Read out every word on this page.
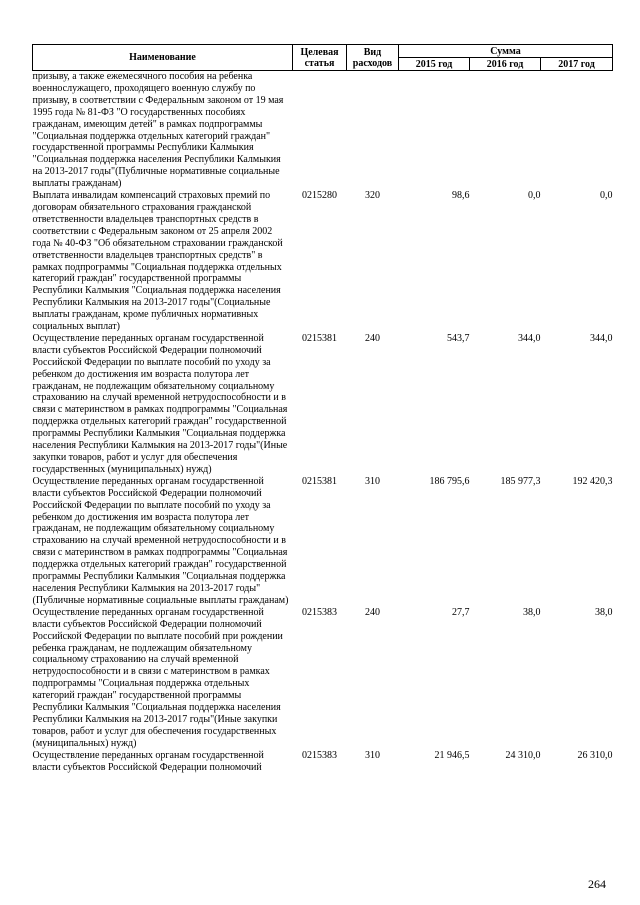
Наименование	Целевая статья	Вид расходов	Сумма		
			2015 год	2016 год	2017 год
призыву, а также ежемесячного пособия на ребенка военнослужащего, проходящего военную службу по призыву, в соответствии с Федеральным законом от 19 мая 1995 года № 81-ФЗ "О государственных пособиях гражданам, имеющим детей" в рамках подпрограммы "Социальная поддержка отдельных категорий граждан" государственной программы Республики Калмыкия "Социальная поддержка населения Республики Калмыкия на 2013-2017 годы"(Публичные нормативные социальные выплаты гражданам)					
Выплата инвалидам компенсаций страховых премий по договорам обязательного страхования гражданской ответственности владельцев транспортных средств в соответствии с Федеральным законом от 25 апреля 2002 года № 40-ФЗ "Об обязательном страховании гражданской ответственности владельцев транспортных средств" в рамках подпрограммы "Социальная поддержка отдельных категорий граждан" государственной программы Республики Калмыкия "Социальная поддержка населения Республики Калмыкия на 2013-2017 годы"(Социальные выплаты гражданам, кроме публичных нормативных социальных выплат)	0215280	320	98,6	0,0	0,0
Осуществление переданных органам государственной власти субъектов Российской Федерации полномочий Российской Федерации по выплате пособий по уходу за ребенком до достижения им возраста полутора лет гражданам, не подлежащим обязательному социальному страхованию на случай временной нетрудоспособности и в связи с материнством в рамках подпрограммы "Социальная поддержка отдельных категорий граждан" государственной программы Республики Калмыкия "Социальная поддержка населения Республики Калмыкия на 2013-2017 годы"(Иные закупки товаров, работ и услуг для обеспечения государственных (муниципальных) нужд)	0215381	240	543,7	344,0	344,0
Осуществление переданных органам государственной власти субъектов Российской Федерации полномочий Российской Федерации по выплате пособий по уходу за ребенком до достижения им возраста полутора лет гражданам, не подлежащим обязательному социальному страхованию на случай временной нетрудоспособности и в связи с материнством в рамках подпрограммы "Социальная поддержка отдельных категорий граждан" государственной программы Республики Калмыкия "Социальная поддержка населения Республики Калмыкия на 2013-2017 годы"(Публичные нормативные социальные выплаты гражданам)	0215381	310	186 795,6	185 977,3	192 420,3
Осуществление переданных органам государственной власти субъектов Российской Федерации полномочий Российской Федерации по выплате пособий при рождении ребенка гражданам, не подлежащим обязательному социальному страхованию на случай временной нетрудоспособности и в связи с материнством в рамках подпрограммы "Социальная поддержка отдельных категорий граждан" государственной программы Республики Калмыкия "Социальная поддержка населения Республики Калмыкия на 2013-2017 годы"(Иные закупки товаров, работ и услуг для обеспечения государственных (муниципальных) нужд)	0215383	240	27,7	38,0	38,0
Осуществление переданных органам государственной власти субъектов Российской Федерации полномочий	0215383	310	21 946,5	24 310,0	26 310,0
264
